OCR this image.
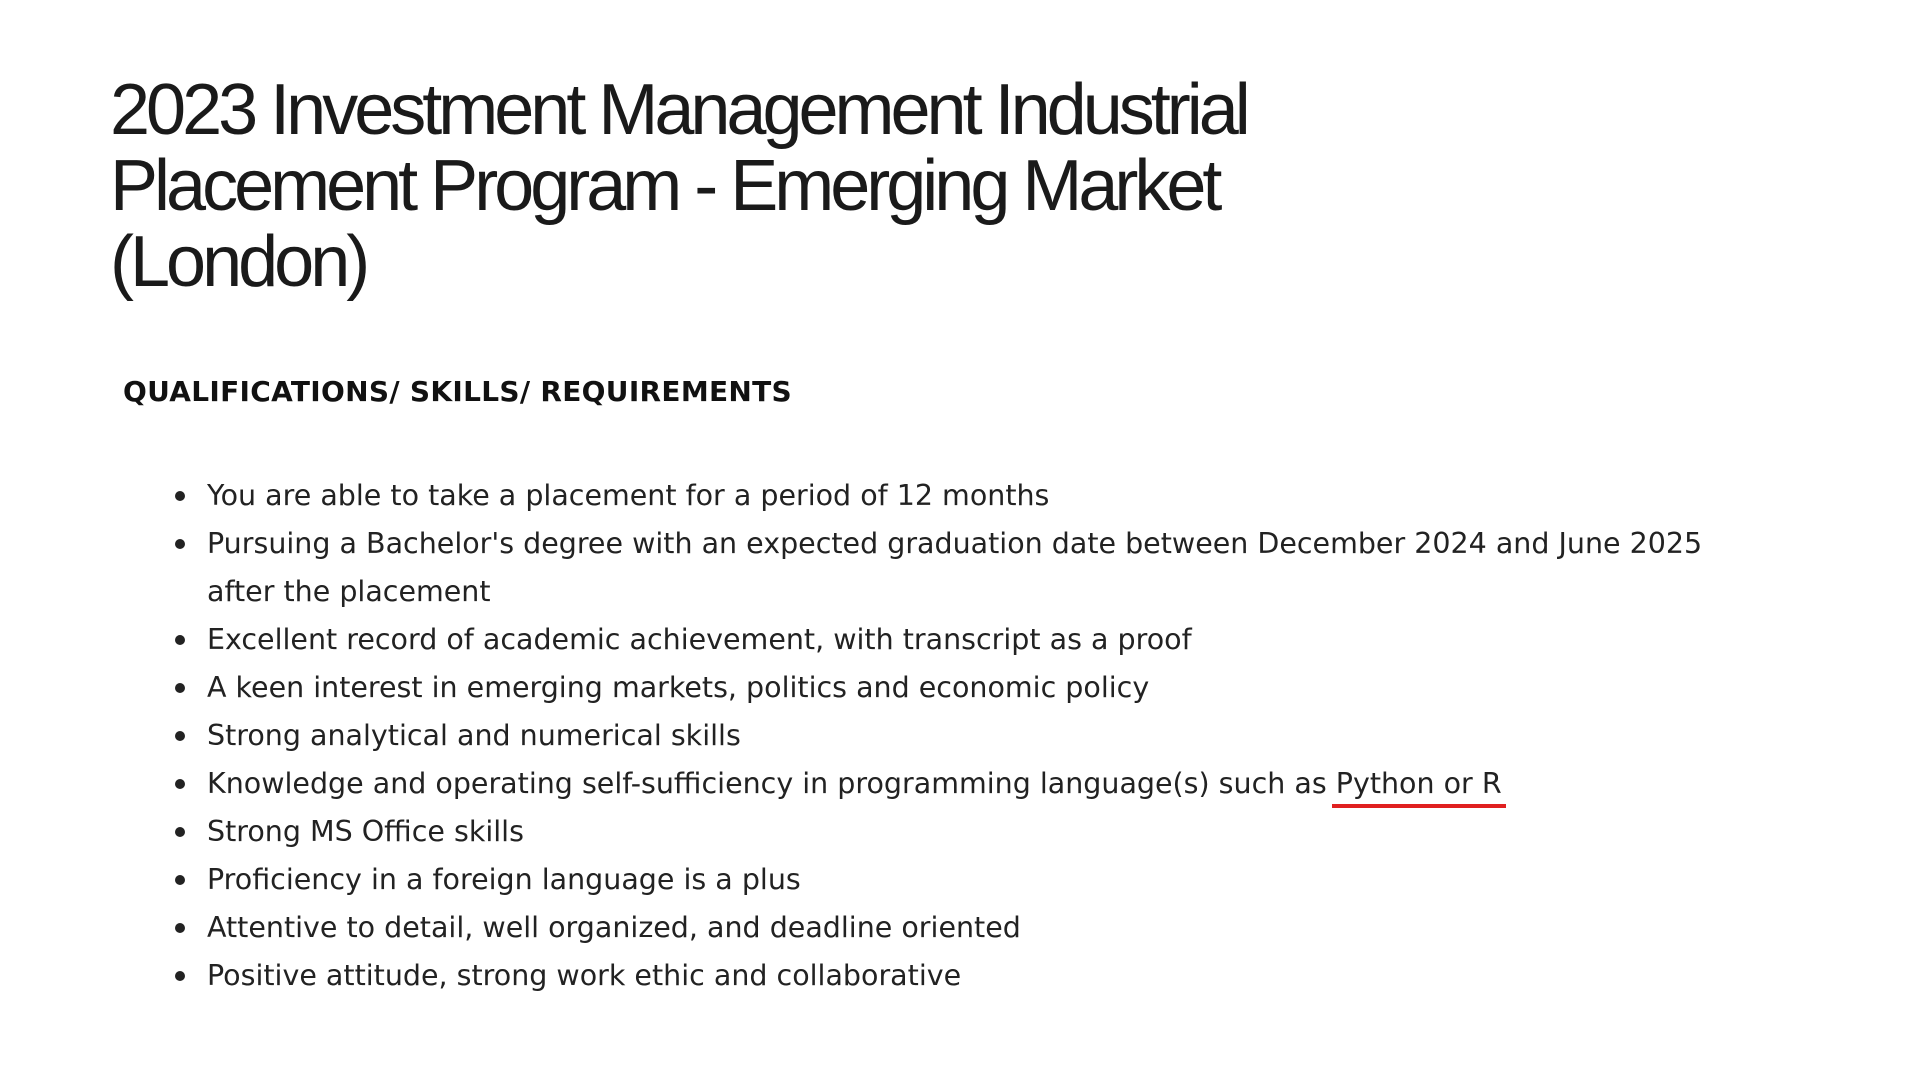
2023 Investment Management Industrial Placement Program - Emerging Market (London)
QUALIFICATIONS/ SKILLS/ REQUIREMENTS
You are able to take a placement for a period of 12 months
Pursuing a Bachelor's degree with an expected graduation date between December 2024 and June 2025 after the placement
Excellent record of academic achievement, with transcript as a proof
A keen interest in emerging markets, politics and economic policy
Strong analytical and numerical skills
Knowledge and operating self-sufficiency in programming language(s) such as Python or R
Strong MS Office skills
Proficiency in a foreign language is a plus
Attentive to detail, well organized, and deadline oriented
Positive attitude, strong work ethic and collaborative
